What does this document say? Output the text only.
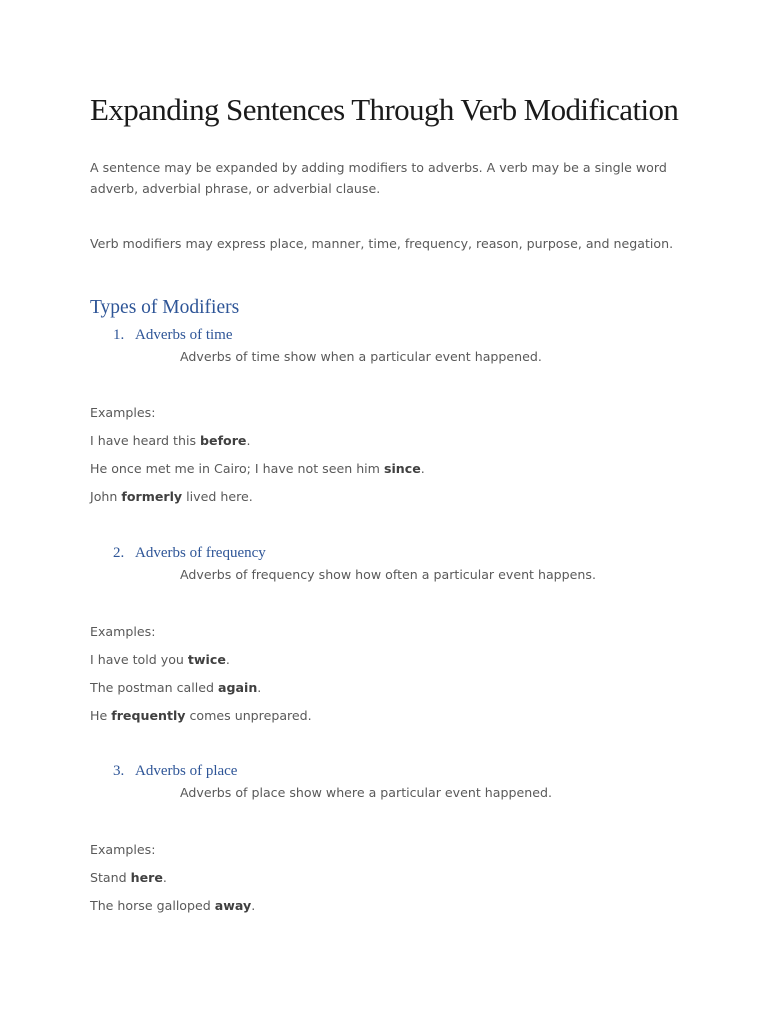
Expanding Sentences Through Verb Modification
A sentence may be expanded by adding modifiers to adverbs. A verb may be a single word
adverb, adverbial phrase, or adverbial clause.
Verb modifiers may express place, manner, time, frequency, reason, purpose, and negation.
Types of Modifiers
1. Adverbs of time
Adverbs of time show when a particular event happened.
Examples:
I have heard this before.
He once met me in Cairo; I have not seen him since.
John formerly lived here.
2. Adverbs of frequency
Adverbs of frequency show how often a particular event happens.
Examples:
I have told you twice.
The postman called again.
He frequently comes unprepared.
3. Adverbs of place
Adverbs of place show where a particular event happened.
Examples:
Stand here.
The horse galloped away.
